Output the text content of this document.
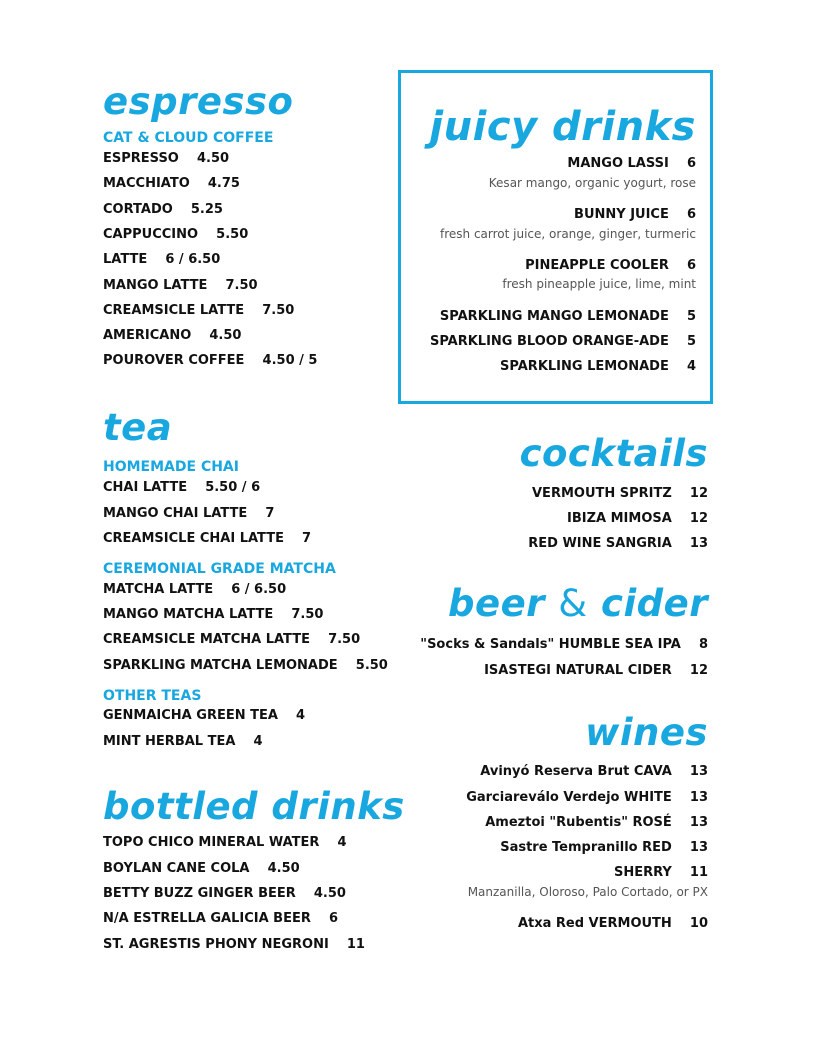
espresso
CAT & CLOUD COFFEE
ESPRESSO    4.50
MACCHIATO    4.75
CORTADO    5.25
CAPPUCCINO    5.50
LATTE    6 / 6.50
MANGO LATTE    7.50
CREAMSICLE LATTE    7.50
AMERICANO    4.50
POUROVER COFFEE    4.50 / 5
tea
HOMEMADE CHAI
CHAI LATTE    5.50 / 6
MANGO CHAI LATTE    7
CREAMSICLE CHAI LATTE    7
CEREMONIAL GRADE MATCHA
MATCHA LATTE    6 / 6.50
MANGO MATCHA LATTE    7.50
CREAMSICLE MATCHA LATTE    7.50
SPARKLING MATCHA LEMONADE    5.50
OTHER TEAS
GENMAICHA GREEN TEA    4
MINT HERBAL TEA    4
bottled drinks
TOPO CHICO MINERAL WATER    4
BOYLAN CANE COLA    4.50
BETTY BUZZ GINGER BEER    4.50
N/A ESTRELLA GALICIA BEER    6
ST. AGRESTIS PHONY NEGRONI    11
juicy drinks
MANGO LASSI    6
Kesar mango, organic yogurt, rose
BUNNY JUICE    6
fresh carrot juice, orange, ginger, turmeric
PINEAPPLE COOLER    6
fresh pineapple juice, lime, mint
SPARKLING MANGO LEMONADE    5
SPARKLING BLOOD ORANGE-ADE    5
SPARKLING LEMONADE    4
cocktails
VERMOUTH SPRITZ    12
IBIZA MIMOSA    12
RED WINE SANGRIA    13
beer & cider
"Socks & Sandals" HUMBLE SEA IPA    8
ISASTEGI NATURAL CIDER    12
wines
Avinyó Reserva Brut CAVA    13
Garciareválo Verdejo WHITE    13
Ameztoi "Rubentis" ROSÉ    13
Sastre Tempranillo RED    13
SHERRY    11
Manzanilla, Oloroso, Palo Cortado, or PX
Atxa Red VERMOUTH    10
